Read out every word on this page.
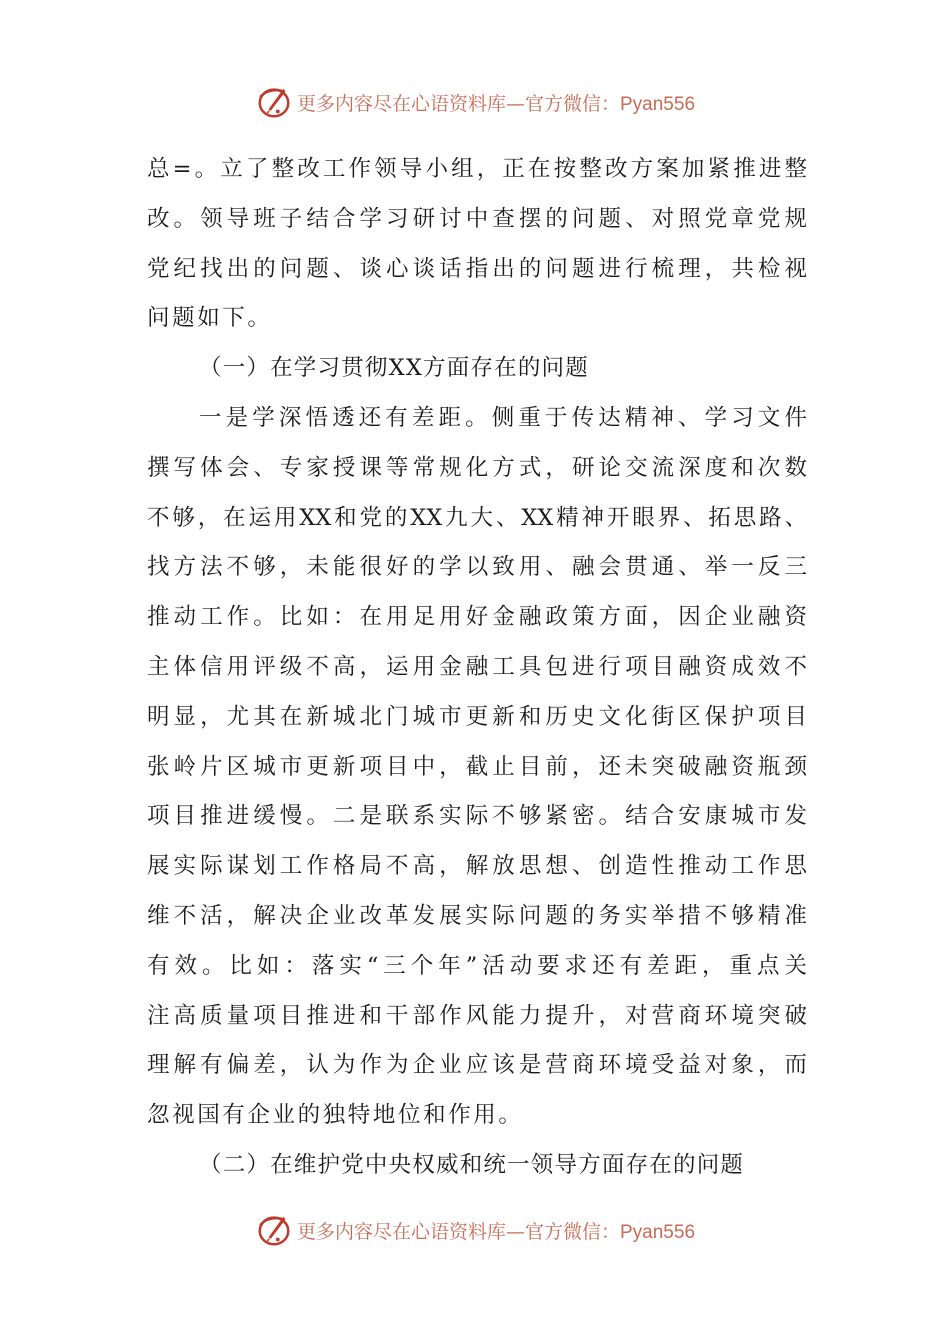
更多内容尽在心语资料库—官方微信：Pyan556
总=。立了整改工作领导小组，正在按整改方案加紧推进整
改。领导班子结合学习研讨中查摆的问题、对照党章党规
党纪找出的问题、谈心谈话指出的问题进行梳理，共检视
问题如下。
（一）在学习贯彻XX方面存在的问题
一是学深悟透还有差距。侧重于传达精神、学习文件
撰写体会、专家授课等常规化方式，研论交流深度和次数
不够，在运用XX和党的XX九大、XX精神开眼界、拓思路、
找方法不够，未能很好的学以致用、融会贯通、举一反三
推动工作。比如：在用足用好金融政策方面，因企业融资
主体信用评级不高，运用金融工具包进行项目融资成效不
明显，尤其在新城北门城市更新和历史文化街区保护项目
张岭片区城市更新项目中，截止目前，还未突破融资瓶颈
项目推进缓慢。二是联系实际不够紧密。结合安康城市发
展实际谋划工作格局不高，解放思想、创造性推动工作思
维不活，解决企业改革发展实际问题的务实举措不够精准
有效。比如：落实“三个年”活动要求还有差距，重点关
注高质量项目推进和干部作风能力提升，对营商环境突破
理解有偏差，认为作为企业应该是营商环境受益对象，而
忽视国有企业的独特地位和作用。
（二）在维护党中央权威和统一领导方面存在的问题
更多内容尽在心语资料库—官方微信：Pyan556
